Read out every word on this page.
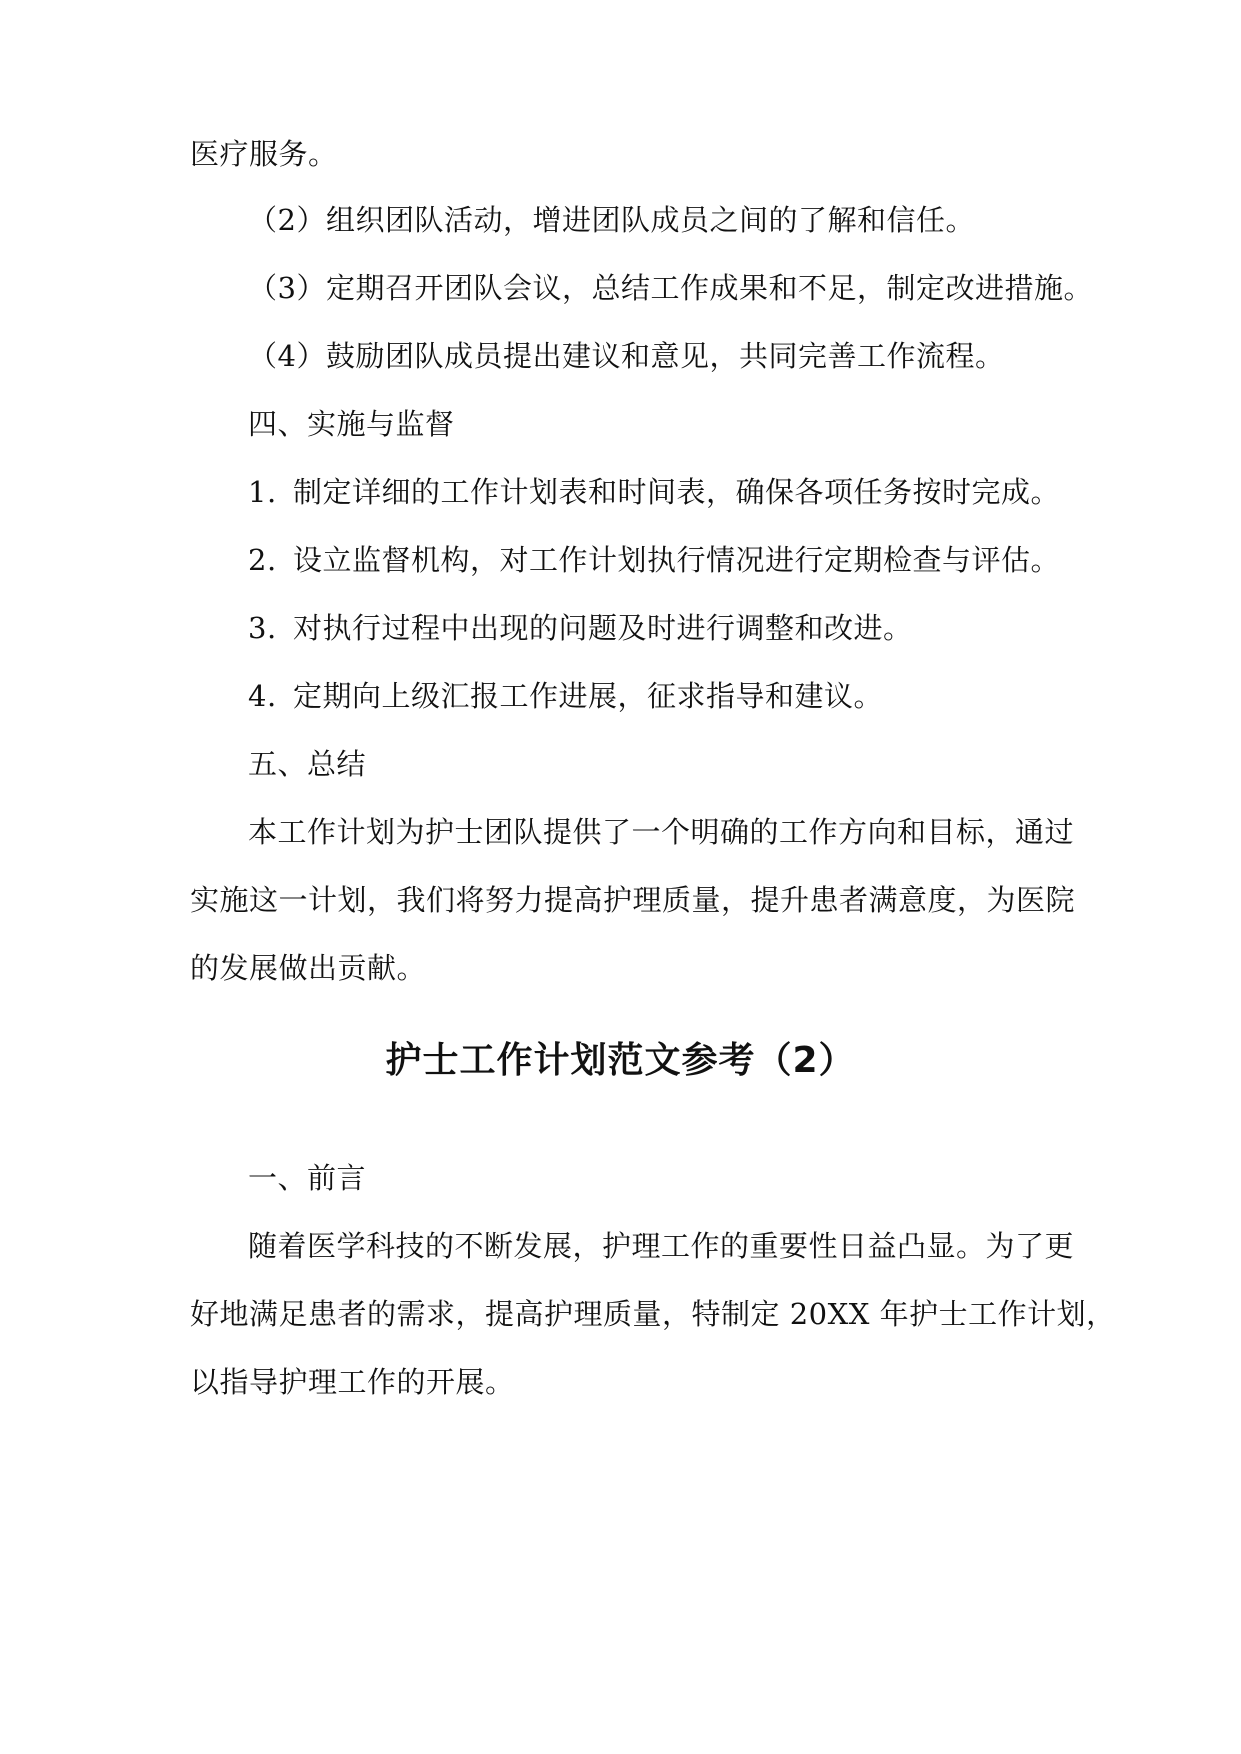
医疗服务。
（2）组织团队活动，增进团队成员之间的了解和信任。
（3）定期召开团队会议，总结工作成果和不足，制定改进措施。
（4）鼓励团队成员提出建议和意见，共同完善工作流程。
四、实施与监督
1. 制定详细的工作计划表和时间表，确保各项任务按时完成。
2. 设立监督机构，对工作计划执行情况进行定期检查与评估。
3. 对执行过程中出现的问题及时进行调整和改进。
4. 定期向上级汇报工作进展，征求指导和建议。
五、总结
本工作计划为护士团队提供了一个明确的工作方向和目标，通过
实施这一计划，我们将努力提高护理质量，提升患者满意度，为医院
的发展做出贡献。
护士工作计划范文参考（2）
一、前言
随着医学科技的不断发展，护理工作的重要性日益凸显。为了更
好地满足患者的需求，提高护理质量，特制定 20XX 年护士工作计划，
以指导护理工作的开展。
